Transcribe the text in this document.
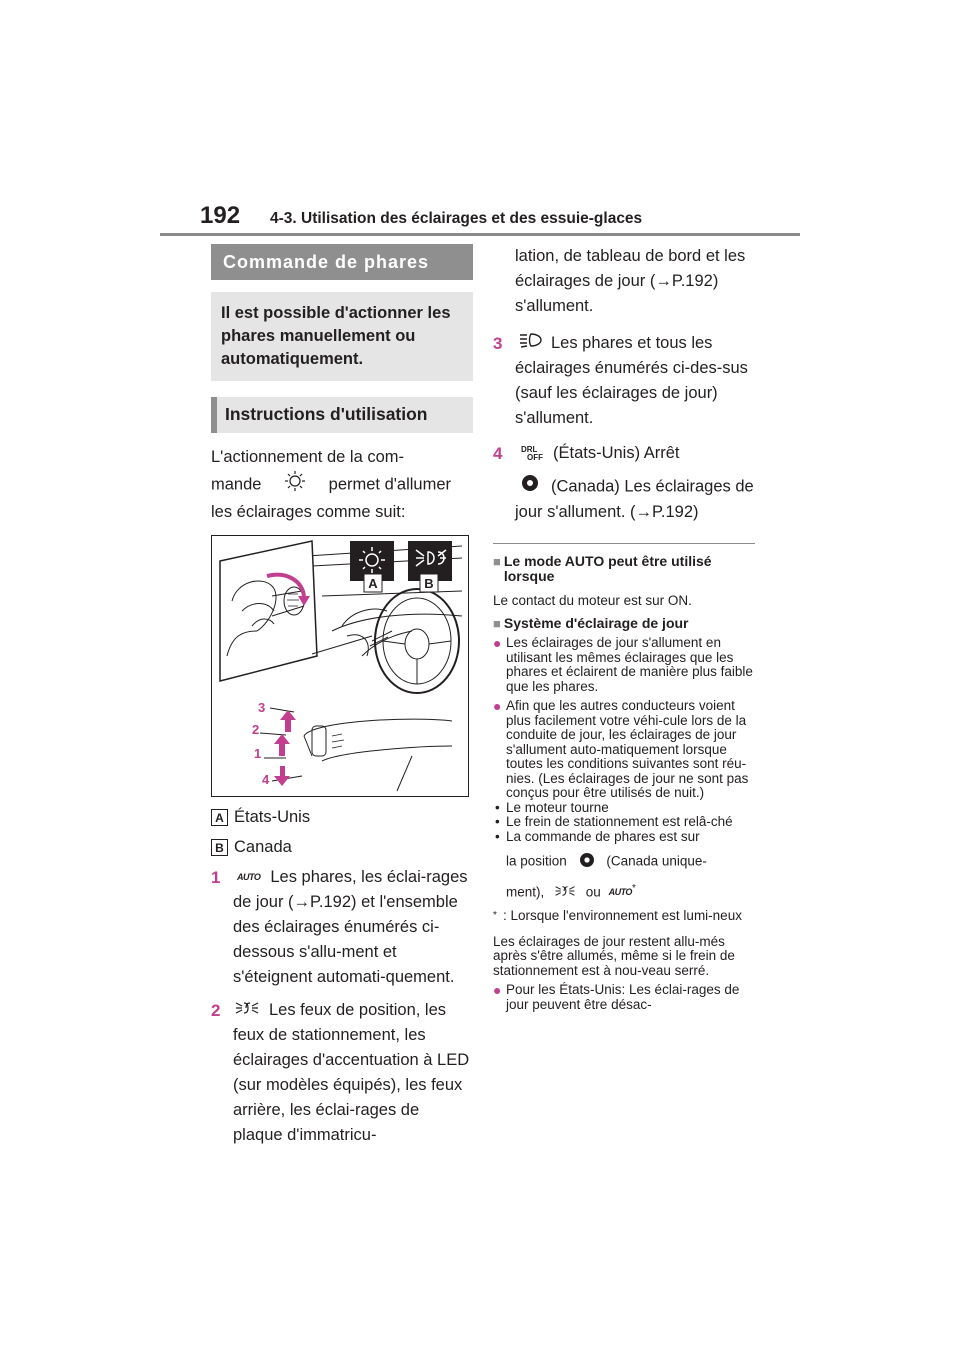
192 4-3. Utilisation des éclairages et des essuie-glaces
Commande de phares
Il est possible d'actionner les phares manuellement ou automatiquement.
Instructions d'utilisation
L'actionnement de la com-
mande	permet d'allumer
les éclairages comme suit:
A	B
3
2
1
4
A États-Unis
B Canada
1	AUTO Les phares, les éclai-rages de jour (→P.192) et l'ensemble des éclairages énumérés ci-dessous s'allu-ment et s'éteignent automati-quement.
2	Les feux de position, les feux de stationnement, les éclairages d'accentuation à LED (sur modèles équipés), les feux arrière, les éclai-rages de plaque d'immatricu-
lation, de tableau de bord et les éclairages de jour (→P.192) s'allument.
3	Les phares et tous les éclairages énumérés ci-des-sus (sauf les éclairages de jour) s'allument.
4	DRL
OFF (États-Unis) Arrêt
(Canada) Les éclairages de jour s'allument. (→P.192)
■ Le mode AUTO peut être utilisé lorsque
Le contact du moteur est sur ON.
■ Système d'éclairage de jour
● Les éclairages de jour s'allument en utilisant les mêmes éclairages que les phares et éclairent de manière plus faible que les phares.
● Afin que les autres conducteurs voient plus facilement votre véhi-cule lors de la conduite de jour, les éclairages de jour s'allument auto-matiquement lorsque toutes les conditions suivantes sont réu-nies. (Les éclairages de jour ne sont pas conçus pour être utilisés de nuit.)
• Le moteur tourne
• Le frein de stationnement est relâ-ché
• La commande de phares est sur
la position	(Canada unique-
ment),	ou AUTO*
* : Lorsque l'environnement est lumi-neux
Les éclairages de jour restent allu-més après s'être allumés, même si le frein de stationnement est à nou-veau serré.
● Pour les États-Unis: Les éclai-rages de jour peuvent être désac-
